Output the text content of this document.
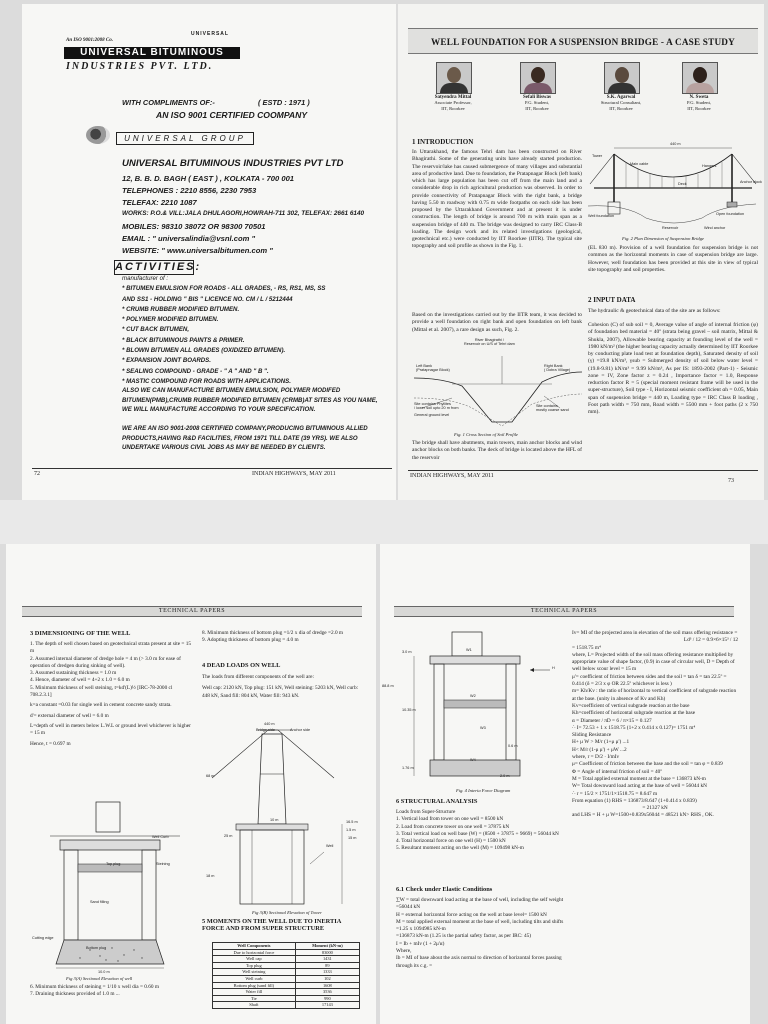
An ISO 9001:2008 Co.
UNIVERSAL
UNIVERSAL BITUMINOUS
INDUSTRIES PVT. LTD.
WITH COMPLIMENTS OF:-	( ESTD : 1971 )
AN ISO 9001 CERTIFIED COOMPANY
UNIVERSAL GROUP
UNIVERSAL BITUMINOUS INDUSTRIES PVT LTD
12, B. B. D. BAGH ( EAST ) , KOLKATA - 700 001
TELEPHONES : 2210 8556, 2230 7953
TELEFAX: 2210 1087
WORKS: P.O.& VILL:JALA DHULAGORI,HOWRAH-711 302, TELEFAX: 2661 6140
MOBILES: 98310 38072 OR 98300 70501
EMAIL : " universalindia@vsnl.com "
WEBSITE: " www.universalbitumen.com "
ACTIVITIES:
manufacturer of :
* BITUMEN EMULSION FOR ROADS - ALL GRADES, - RS, RS1, MS, SS
AND SS1 - HOLDING " BIS " LICENCE NO. CM / L / 5212444
* CRUMB RUBBER MODIFIED BITUMEN.
* POLYMER MODIFIED BITUMEN.
* CUT BACK BITUMEN,
* BLACK BITUMINOUS PAINTS & PRIMER.
* BLOWN BITUMEN ALL GRADES (OXIDIZED BITUMEN).
* EXPANSION JOINT BOARDS.
* SEALING COMPOUND - GRADE - " A " AND " B ".
* MASTIC COMPOUND FOR ROADS WITH APPLICATIONS.
ALSO WE CAN MANUFACTURE BITUMEN EMULSION, POLYMER MODIFED BITUMEN(PMB),CRUMB RUBBER MODIFIED BITUMEN (CRMB)AT SITES AS YOU NAME, WE WILL MANUFACTURE ACCORDING TO YOUR SPECIFICATION.
WE ARE AN ISO 9001-2008 CERTIFIED COMPANY,PRODUCING BITUMINOUS ALLIED PRODUCTS,HAVING R&D FACILITIES, FROM 1971 TILL DATE (39 YRS). WE ALSO UNDERTAKE VARIOUS CIVIL JOBS AS MAY BE NEEDED BY CLIENTS.
72	INDIAN HIGHWAYS, MAY 2011
WELL FOUNDATION FOR A SUSPENSION BRIDGE - A CASE STUDY
Satyendra Mittal
Associate Professor,
IIT, Roorkee
Sefali Biswas
P.G. Student,
IIT, Roorkee
S.K. Agarwal
Structural Consultant,
IIT, Roorkee
N. Sweta
P.G. Student,
IIT, Roorkee
1 INTRODUCTION
In Uttarakhand, the famous Tehri dam has been constructed on River Bhagirathi. Some of the generating units have already started production. The reservoir/lake has caused submergence of many villages and substantial area of productive land. Due to foundation, the Pratapnagar Block (left bank) which has large population has been cut off from the main land and a considerable drop in rich agricultural production was observed. In order to provide connectivity of Pratapnagar Block with the right bank, a bridge having 5.50 m roadway with 0.75 m wide footpaths on each side has been proposed by the Uttarakhand Government and at present it is under construction. The length of bridge is around 700 m with main span as a suspension bridge of 440 m. The bridge was designed to carry IRC Class-B loading. The design work and its related investigations (geological, geotechnical etc.) were conducted by IIT Roorkee (IITR). The typical site topography and soil profile as shown in the Fig. 1.
Based on the investigations carried out by the IITR team, it was decided to provide a well foundation on right bank and open foundation on left bank (Mittal et al. 2007), a rare design as such, Fig. 2.
River Bhagirathi /
Reservoir on U/S of Tehri dam
Left Bank
(Pratapnagar Block)
Right Bank
( Dobra Village)
Site contains Phyllites
/ lower soil upto 20 m from
General ground level
Site contains
mostly coarse sand
Fig. 1 Cross Section of Soil Profile
The bridge shall have abutments, main towers, main anchor blocks and wind anchor blocks on both banks. The deck of bridge is located above the HFL of the reservoir
440 m
Main cable	Hangers
Deck
Tower
Anchor block
Well foundation
Reservoir	Wind anchor
Open foundation
Fig. 2 Plan Dimension of Suspension Bridge
(EL 830 m). Provision of a well foundation for suspension bridge is not common as the horizontal moments in case of suspension bridge are large. However, well foundation has been provided at this site in view of typical site topography and soil properties.
2 INPUT DATA
The hydraulic & geotechnical data of the site are as follows:
Cohesion (C) of sub soil = 0, Average value of angle of internal friction (φ) of foundation bed material = 40º (strata being gravel – soil matrix, Mittal & Shukla, 2007), Allowable bearing capacity at founding level of the well = 1980 kN/m² (the higher bearing capacity actually determined by IIT Roorkee by conducting plate load test at foundation depth), Saturated density of soil (γ) =19.8 kN/m³, γsub = Submerged density of soil below water level = (19.8-9.81) kN/m³ = 9.99 kN/m³, As per IS: 1893-2002 (Part-1) - Seismic zone = IV, Zone factor z = 0.24 , Importance factor = 1.0, Response reduction factor R = 5 (special moment resistant frame will be used in the super-structure), Soil type - I, Horizontal seismic coefficient αh = 0.05, Main span of suspension bridge = 440 m, Loading type = IRC Class B loading , Foot path width = 750 mm, Road width = 5500 mm + foot paths (2 x 750 mm).
INDIAN HIGHWAYS, MAY 2011
73
TECHNICAL PAPERS
3 DIMENSIONING OF THE WELL

1. The depth of well chosen based on geotechnical strata present at site = 15 m

2. Assumed internal diameter of dredge hole = 4 m (> 3.0 m for ease of operation of dredgen during sinking of well).

3. Assumed sustaining thickness = 1.0 m

4. Hence, diameter of well = 4+2 x 1.0 = 6.0 m

5. Minimum thickness of well steining, t=kd'(L)½ [IRC-78-2000 cl 708.2.3.1]

k=a constant =0.03 for single well in cement concrete sandy strata.

d'= external diameter of well = 6.0 m

L=depth of well in meters below L.W.L or ground level whichever is higher = 15 m

Hence, t = 0.697 m

Well Curb
Top plug	Steining
Sand filling
Bottom plug
Cutting edge
10.0 m
Fig 3(A) Sectional Elevation of well

6. Minimum thickness of steining = 1/10 x well dia = 0.60 m

7. Draining thickness provided of 1.0 m ...

8. Minimum thickness of bottom plug =1/2 x dia of dredge =2.0 m

9. Adopting thickness of bottom plug = 4.0 m

4 DEAD LOADS ON WELL

The loads from different components of the well are:

Well cap: 2120 kN, Top plug: 151 kN, Well steining: 5203 kN, Well curb: 448 kN, Sand fill: 804 kN, Water fill: 943 kN.

440 m
Bridge side	Anchor side
68 m
25 m
18 m
Well
10 m	16.5 m
1.5 m
15 m
Fig 3(B) Sectional Elevation of Tower
5 MOMENTS ON THE WELL DUE TO INERTIA FORCE AND FROM SUPER STRUCTURE
Well Components	Moment (kN-m)
Due to horizontal force	83000
Well cap	1431
Top plug	89
Well steining	1333
Well curb	102
Bottom plug (sand fill)	1608
Water fill	3536
Tie	990
Shaft	17143
TECHNICAL PAPERS
3.0 m
10.35 m
1.76 m
2.0 m
W1
W2
W3
W4
H
0.6 m
88.8 m
Fig. 4 Interia Force Diagram
6 STRUCTURAL ANALYSIS

Loads from Super-Structure

1. Vertical load from tower on one well = 8500 kN

2. Load from concrete tower on one well = 37875 kN

3. Total vertical load on well base (W) = (8500 + 37875 + 9669) = 56044 kN

4. Total horizontal force on one well (H) = 1500 kN

5. Resultant moment acting on the well (M) = 109498 kN-m

6.1 Check under Elastic Conditions

∑W = total downward load acting at the base of well, including the self weight =56044 kN

H = external horizontal force acting on the well at base level= 1500 kN

M = total applied external moment at the base of well, including tilts and shifts =1.25 x 1094985 kN-m

=136873 kN-m (1.25 is the partial safety factor, as per IRC: 45)

I = Ib + mIv (1 + 2μ'α)

Where,

Ib = MI of base about the axis normal to direction of horizontal forces passing through its c.g. =

Iv= MI of the projected area in elevation of the soil mass offering resistance =

Ld³ / 12 = 0.9×6×15³ / 12

= 1518.75 m⁴

where, L= Projected width of the soil mass offering resistance multiplied by appropriate value of shape factor, (0.9) in case of circular well, D = Depth of well below scour level = 15 m

μ'= coefficient of friction between sides and the soil = tan δ = tan 22.5º = 0.414 (δ = 2/3 x φ OR 22.5º whichever is less )

m= Kh/Kv : the ratio of horizontal to vertical coefficient of subgrade reaction at the base. (unity in absence of Kv and Kh)

Kv=coefficient of vertical subgrade reaction at the base

Kh=coefficient of horizontal subgrade reaction at the base

α = Diameter / πD = 6 / π×15 = 0.127

∴ I= 72.53 + 1 x 1518.75 (1+2 x 0.414 x 0.127)= 1751 m⁴

Sliding Resistance

H+ μ W > M/r (1+μ μ') ...1

H< M/r (1-μ μ') + μW ...2

where, r = D/2 · I/mIv

μ= Coefficient of friction between the base and the soil = tan φ = 0.839

Φ = Angle of internal friction of soil = 40º

M = Total applied external moment at the base = 136873 kN-m

W= Total downward load acting at the base of well = 56044 kN

∴ r = 15/2 × 1751/1×1518.75 = 8.647 m

From equation (1) RHS = 136873/8.647 (1+0.414 x 0.839)

= 21327 kN

and LHS = H + μ W=1500+0.839x56044 = 48521 kN> RHS , OK.
